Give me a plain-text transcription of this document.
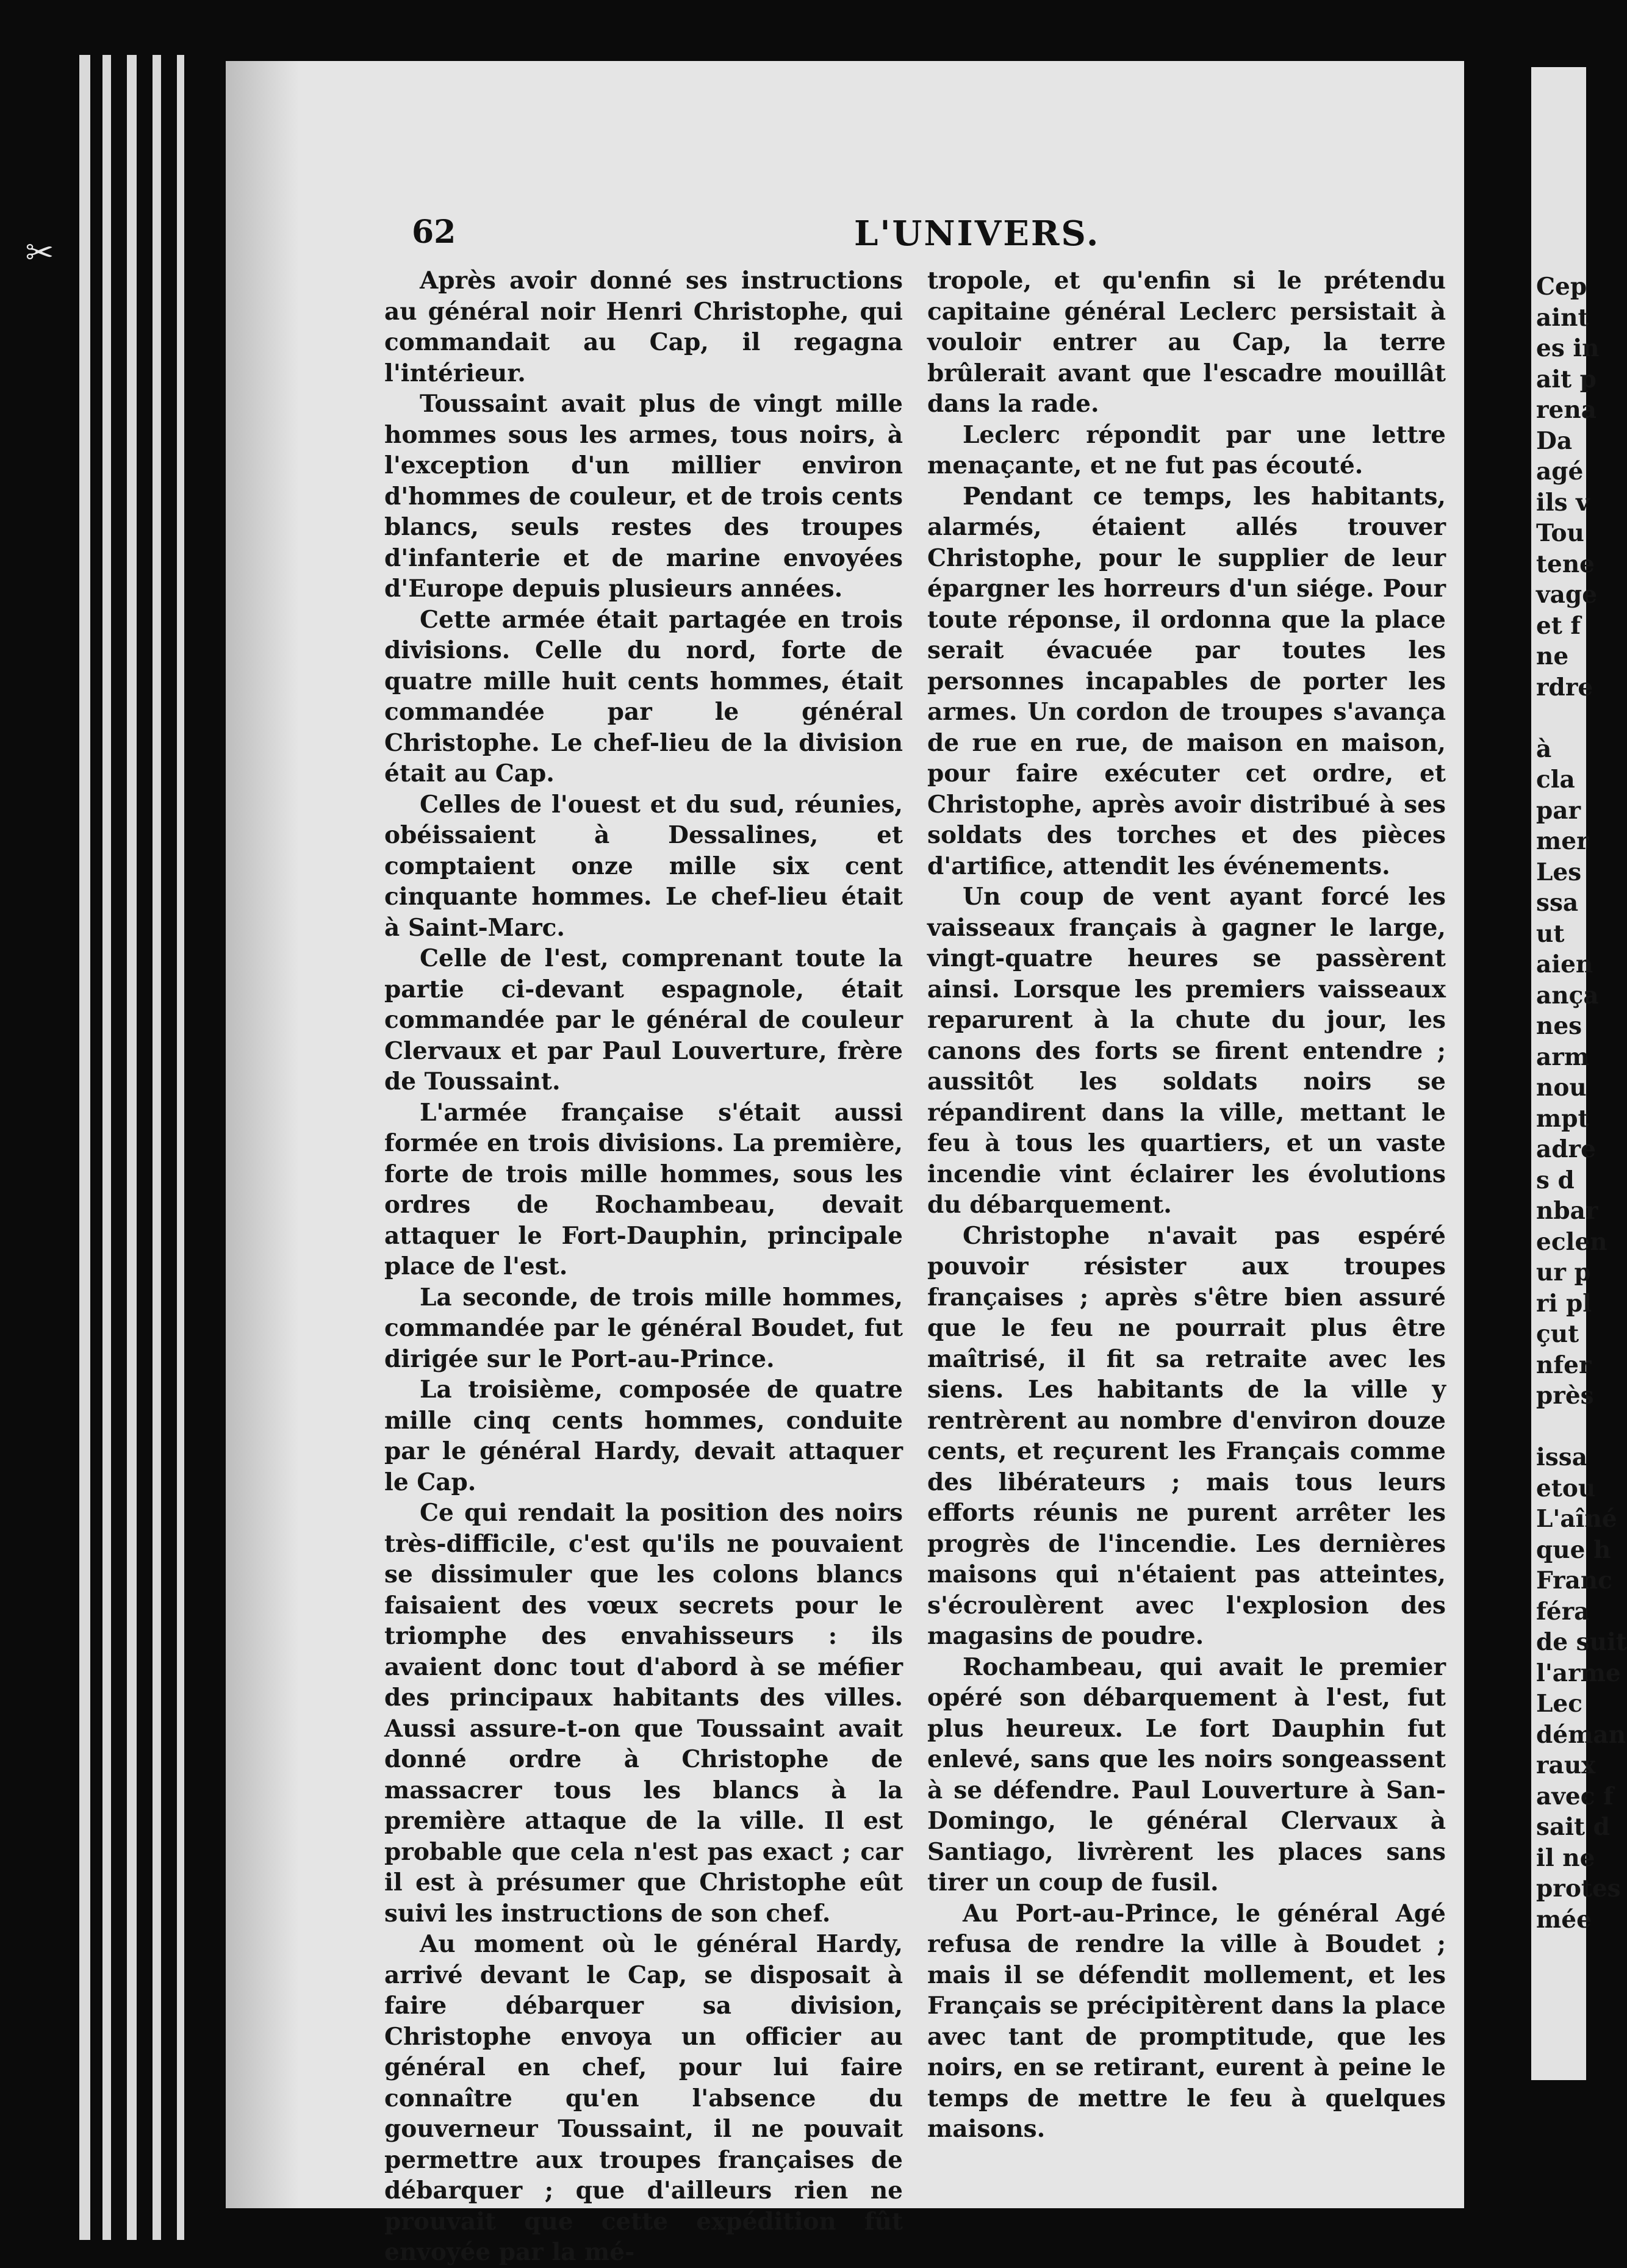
✂
62	L'UNIVERS.

Après avoir donné ses instructions au général noir Henri Christophe, qui commandait au Cap, il regagna l'intérieur.

Toussaint avait plus de vingt mille hommes sous les armes, tous noirs, à l'exception d'un millier environ d'hommes de couleur, et de trois cents blancs, seuls restes des troupes d'infanterie et de marine envoyées d'Europe depuis plusieurs années.

Cette armée était partagée en trois divisions. Celle du nord, forte de quatre mille huit cents hommes, était commandée par le général Christophe. Le chef-lieu de la division était au Cap.

Celles de l'ouest et du sud, réunies, obéissaient à Dessalines, et comptaient onze mille six cent cinquante hommes. Le chef-lieu était à Saint-Marc.

Celle de l'est, comprenant toute la partie ci-devant espagnole, était commandée par le général de couleur Clervaux et par Paul Louverture, frère de Toussaint.

L'armée française s'était aussi formée en trois divisions. La première, forte de trois mille hommes, sous les ordres de Rochambeau, devait attaquer le Fort-Dauphin, principale place de l'est.

La seconde, de trois mille hommes, commandée par le général Boudet, fut dirigée sur le Port-au-Prince.

La troisième, composée de quatre mille cinq cents hommes, conduite par le général Hardy, devait attaquer le Cap.

Ce qui rendait la position des noirs très-difficile, c'est qu'ils ne pouvaient se dissimuler que les colons blancs faisaient des vœux secrets pour le triomphe des envahisseurs : ils avaient donc tout d'abord à se méfier des principaux habitants des villes. Aussi assure-t-on que Toussaint avait donné ordre à Christophe de massacrer tous les blancs à la première attaque de la ville. Il est probable que cela n'est pas exact ; car il est à présumer que Christophe eût suivi les instructions de son chef.

Au moment où le général Hardy, arrivé devant le Cap, se disposait à faire débarquer sa division, Christophe envoya un officier au général en chef, pour lui faire connaître qu'en l'absence du gouverneur Toussaint, il ne pouvait permettre aux troupes françaises de débarquer ; que d'ailleurs rien ne prouvait que cette expédition fût envoyée par la mé-

tropole, et qu'enfin si le prétendu capitaine général Leclerc persistait à vouloir entrer au Cap, la terre brûlerait avant que l'escadre mouillât dans la rade.

Leclerc répondit par une lettre menaçante, et ne fut pas écouté.

Pendant ce temps, les habitants, alarmés, étaient allés trouver Christophe, pour le supplier de leur épargner les horreurs d'un siége. Pour toute réponse, il ordonna que la place serait évacuée par toutes les personnes incapables de porter les armes. Un cordon de troupes s'avança de rue en rue, de maison en maison, pour faire exécuter cet ordre, et Christophe, après avoir distribué à ses soldats des torches et des pièces d'artifice, attendit les événements.

Un coup de vent ayant forcé les vaisseaux français à gagner le large, vingt-quatre heures se passèrent ainsi. Lorsque les premiers vaisseaux reparurent à la chute du jour, les canons des forts se firent entendre ; aussitôt les soldats noirs se répandirent dans la ville, mettant le feu à tous les quartiers, et un vaste incendie vint éclairer les évolutions du débarquement.

Christophe n'avait pas espéré pouvoir résister aux troupes françaises ; après s'être bien assuré que le feu ne pourrait plus être maîtrisé, il fit sa retraite avec les siens. Les habitants de la ville y rentrèrent au nombre d'environ douze cents, et reçurent les Français comme des libérateurs ; mais tous leurs efforts réunis ne purent arrêter les progrès de l'incendie. Les dernières maisons qui n'étaient pas atteintes, s'écroulèrent avec l'explosion des magasins de poudre.

Rochambeau, qui avait le premier opéré son débarquement à l'est, fut plus heureux. Le fort Dauphin fut enlevé, sans que les noirs songeassent à se défendre. Paul Louverture à San-Domingo, le général Clervaux à Santiago, livrèrent les places sans tirer un coup de fusil.

Au Port-au-Prince, le général Agé refusa de rendre la ville à Boudet ; mais il se défendit mollement, et les Français se précipitèrent dans la place avec tant de promptitude, que les noirs, en se retirant, eurent à peine le temps de mettre le feu à quelques maisons.

Cep
aint
es in
ait p
rena
Da
agé
ils v
Tou
tene
vage
et f
ne
rdre

à
cla
par
mer
Les
ssa
ut
aien
ança
nes
arm
nou
mpt
adre
s d
nbar
eclen
ur p
ri pl
çut
nfer
près

issa
etou
L'aîné
que h
Franc
féra
de suit
l'arme
Lec
déman
raux
avec f
sait d
il ne
protes
mée
